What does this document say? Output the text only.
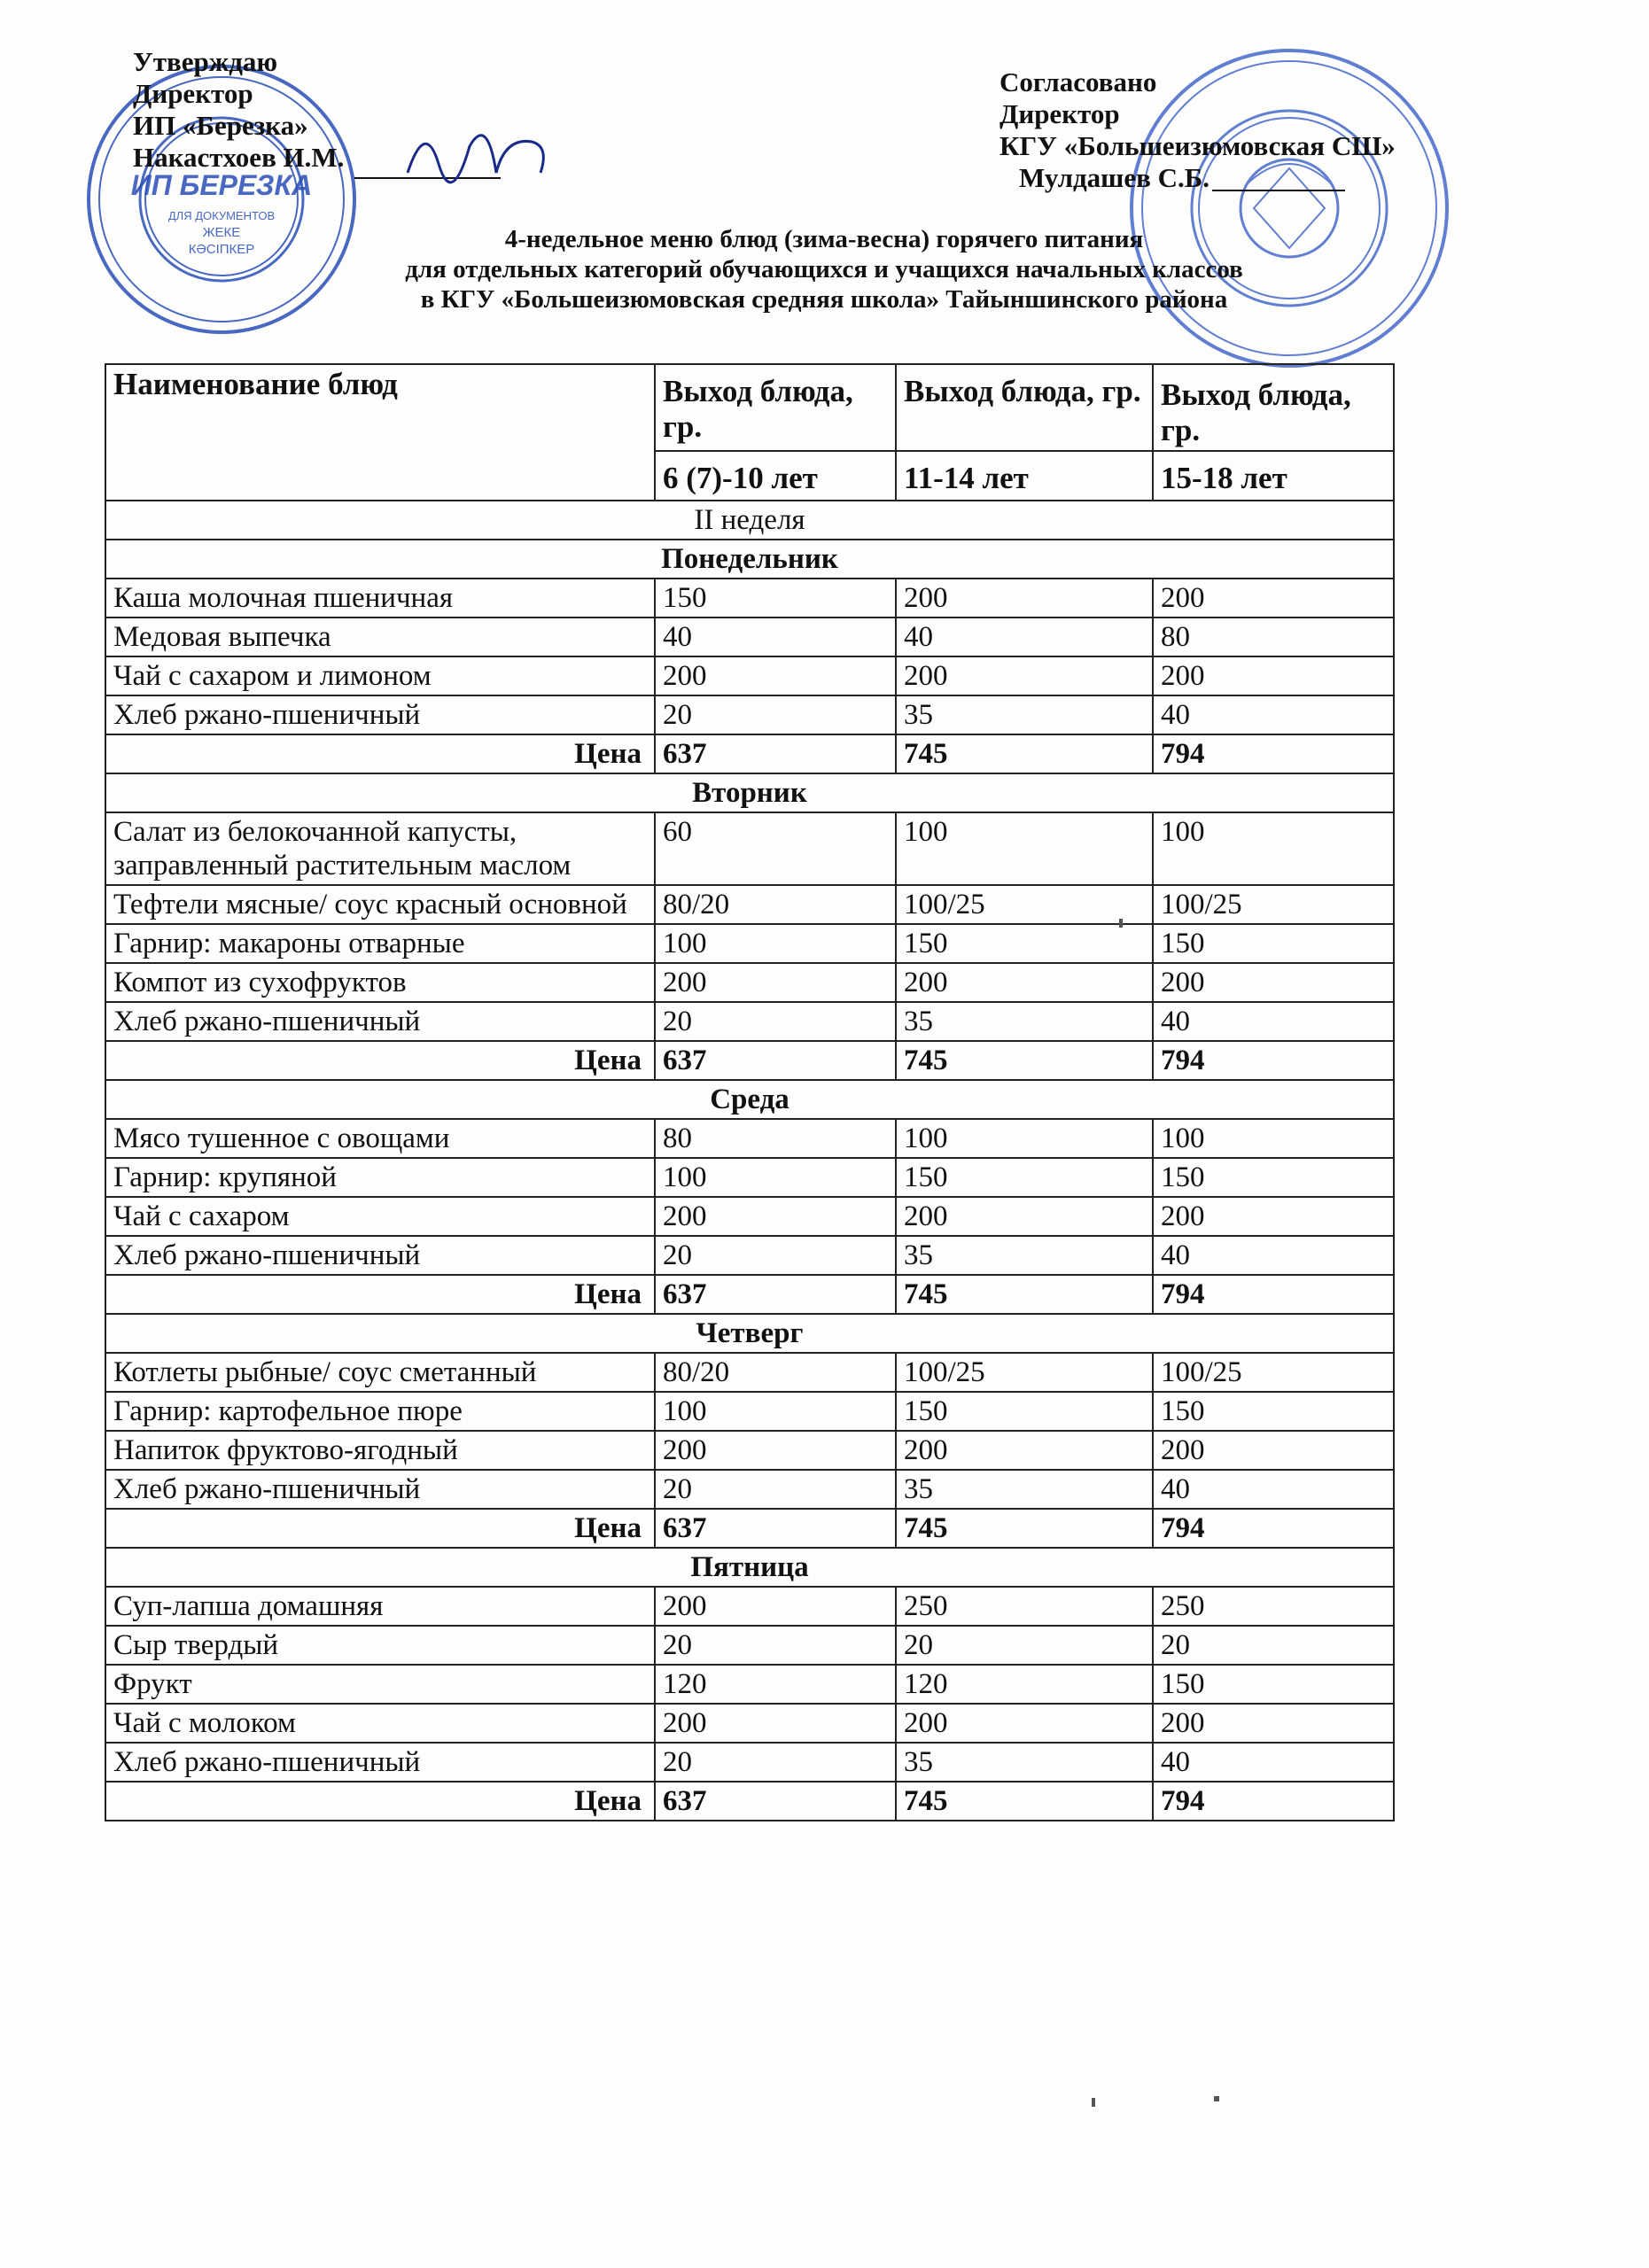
ИП БЕРЕЗКА
ДЛЯ ДОКУМЕНТОВ
ЖЕКЕ
КӘСІПКЕР
Утверждаю
Директор
ИП «Березка»
Накастхоев И.М.
Согласовано
Директор
КГУ «Большеизюмовская СШ»
Мулдашев С.Б.
4-недельное меню блюд (зима-весна) горячего питания
для отдельных категорий обучающихся и учащихся начальных классов
в КГУ «Большеизюмовская средняя школа» Тайыншинского района
Наименование блюд	Выход блюда, гр.	Выход блюда, гр.	Выход блюда, гр.
	6 (7)-10 лет	11-14 лет	15-18 лет
II неделя			
Понедельник			
Каша молочная пшеничная	150	200	200
Медовая выпечка	40	40	80
Чай с сахаром и лимоном	200	200	200
Хлеб ржано-пшеничный	20	35	40
Цена	637	745	794
Вторник			
Салат из белокочанной капусты, заправленный растительным маслом	60	100	100
Тефтели мясные/ соус красный основной	80/20	100/25	100/25
Гарнир: макароны отварные	100	150	150
Компот из сухофруктов	200	200	200
Хлеб ржано-пшеничный	20	35	40
Цена	637	745	794
Среда			
Мясо тушенное с овощами	80	100	100
Гарнир: крупяной	100	150	150
Чай с сахаром	200	200	200
Хлеб ржано-пшеничный	20	35	40
Цена	637	745	794
Четверг			
Котлеты рыбные/ соус сметанный	80/20	100/25	100/25
Гарнир: картофельное пюре	100	150	150
Напиток фруктово-ягодный	200	200	200
Хлеб ржано-пшеничный	20	35	40
Цена	637	745	794
Пятница			
Суп-лапша домашняя	200	250	250
Сыр твердый	20	20	20
Фрукт	120	120	150
Чай с молоком	200	200	200
Хлеб ржано-пшеничный	20	35	40
Цена	637	745	794
